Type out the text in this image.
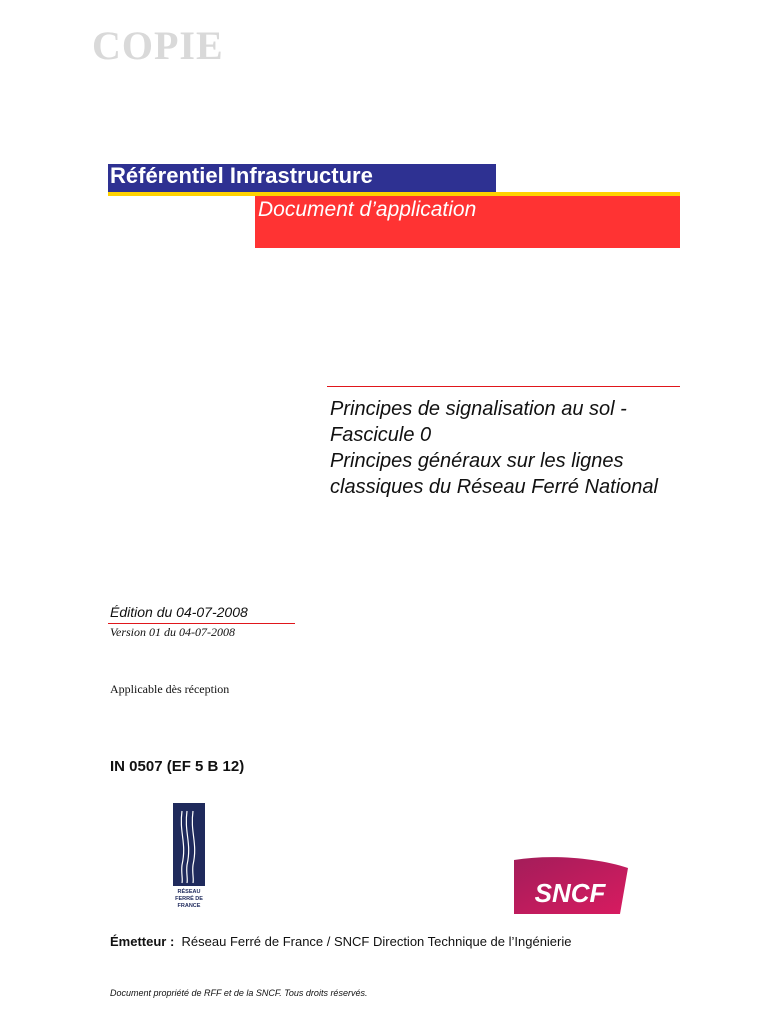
COPIE
Référentiel Infrastructure
Document d’application
Principes de signalisation au sol -
Fascicule 0
Principes généraux sur les lignes
classiques du Réseau Ferré National
Édition du 04-07-2008
Version 01 du 04-07-2008
Applicable dès réception
IN 0507 (EF 5 B 12)
RÉSEAU
FERRÉ DE
FRANCE	SNCF
Émetteur : Réseau Ferré de France / SNCF Direction Technique de l’Ingénierie
Document propriété de RFF et de la SNCF. Tous droits réservés.
